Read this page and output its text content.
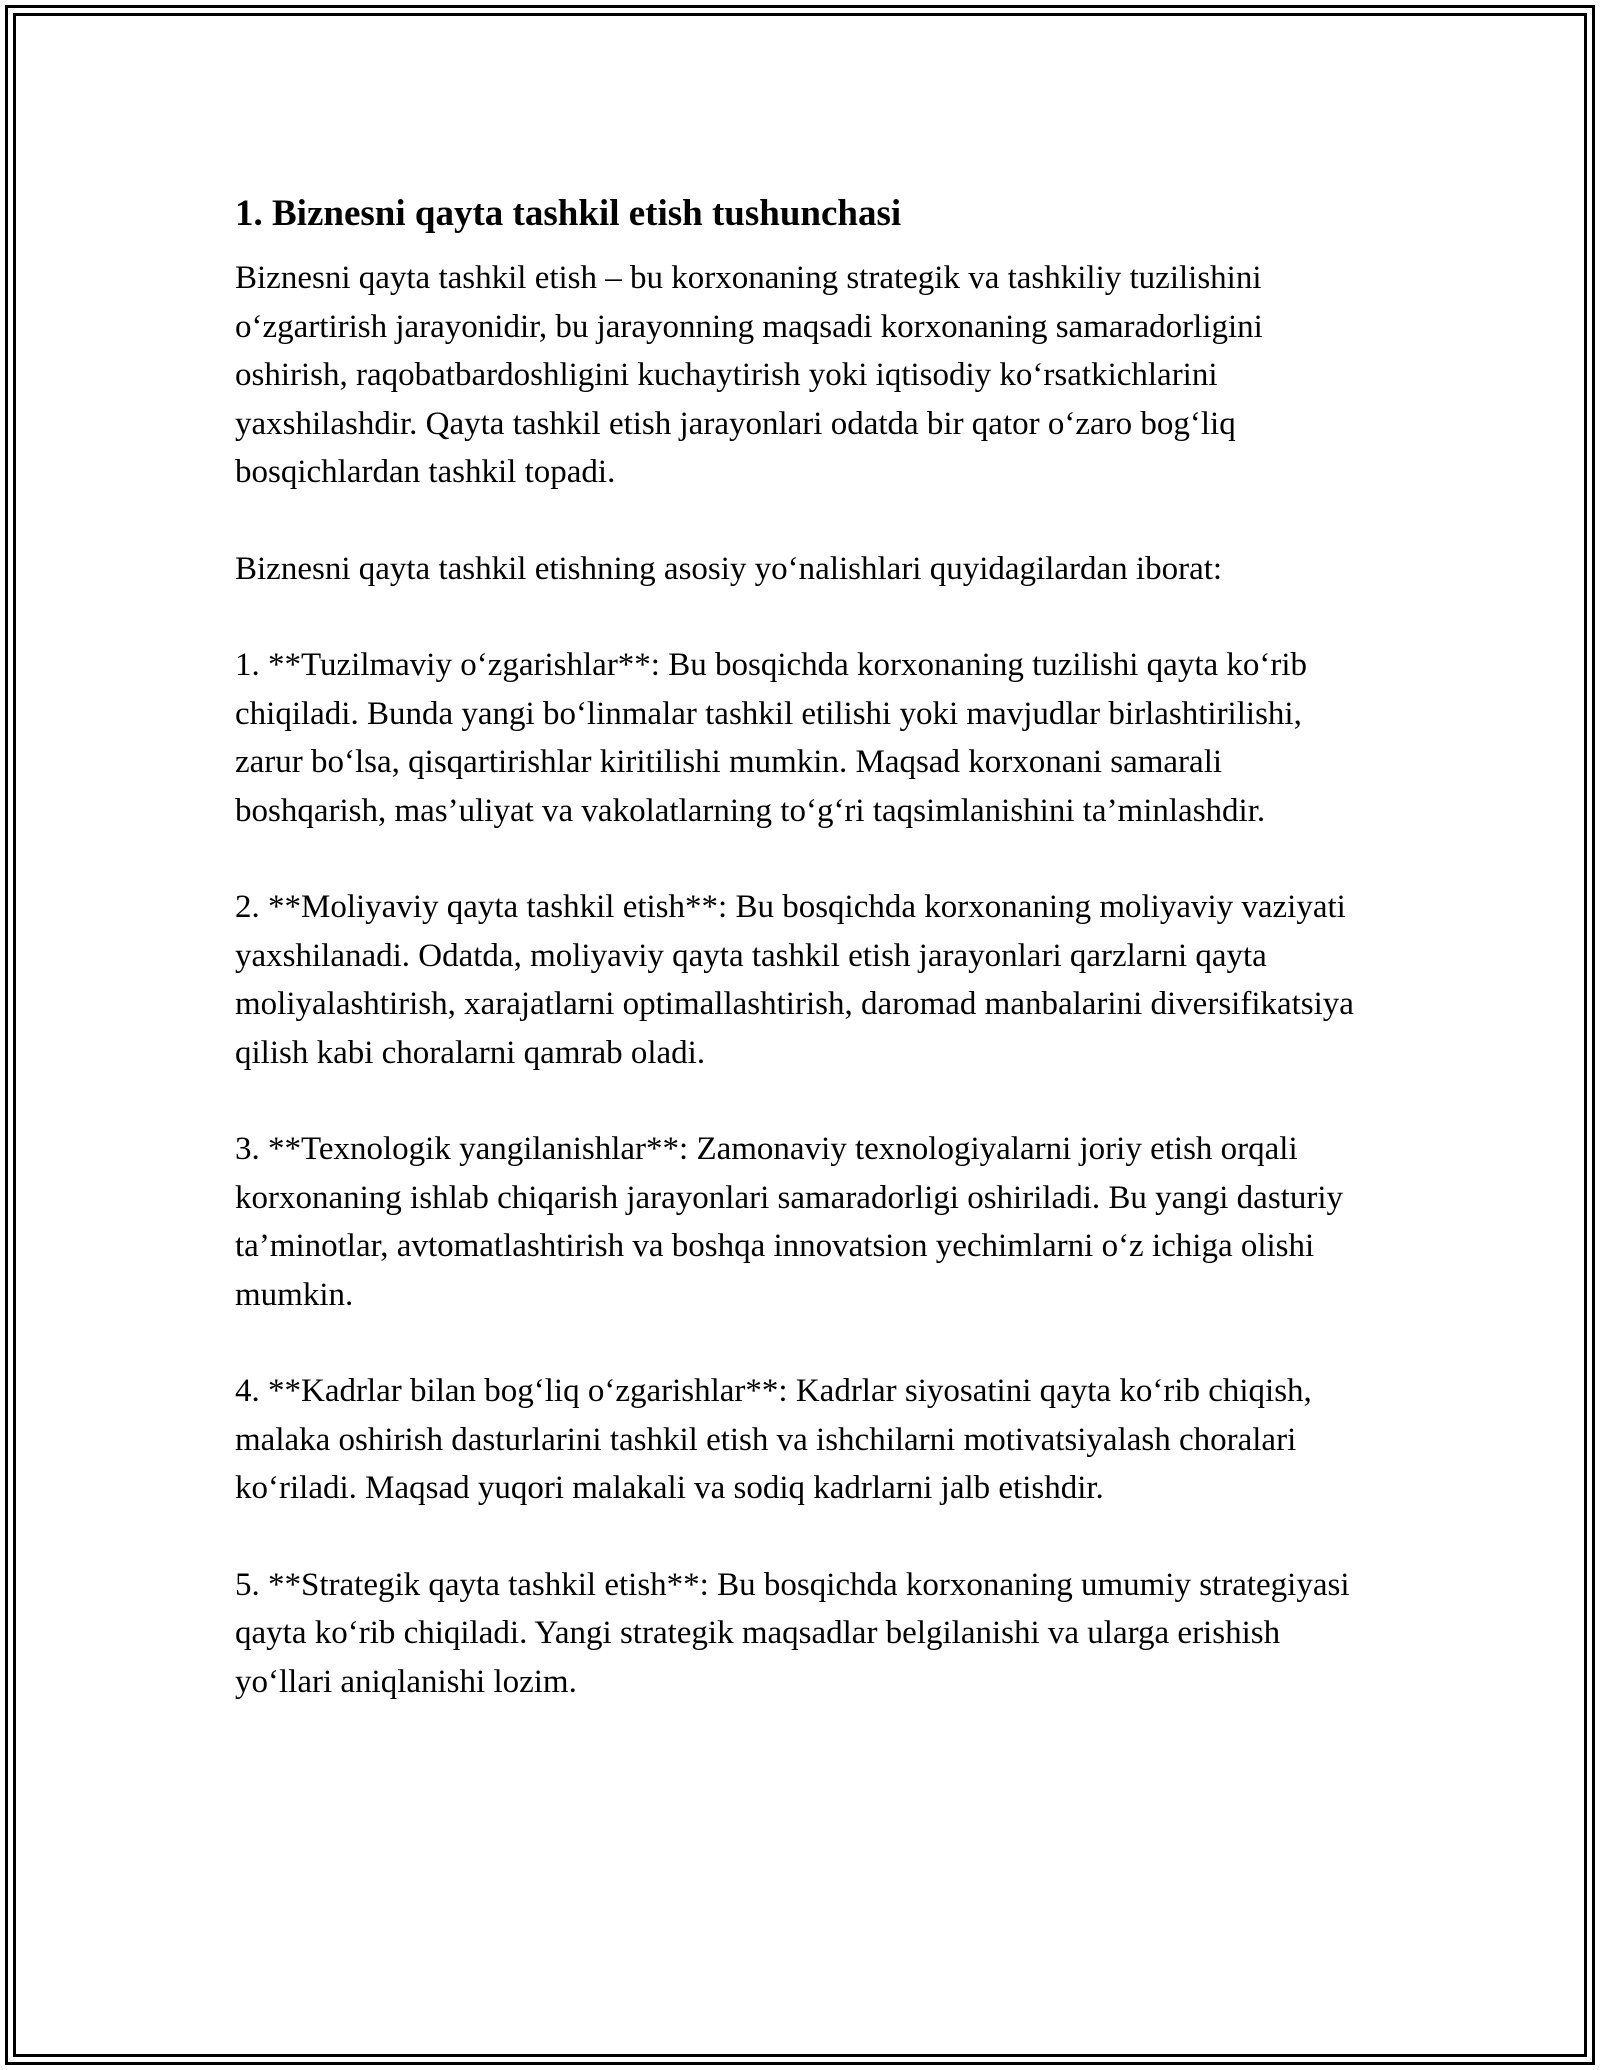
1. Biznesni qayta tashkil etish tushunchasi

Biznesni qayta tashkil etish – bu korxonaning strategik va tashkiliy tuzilishini o‘zgartirish jarayonidir, bu jarayonning maqsadi korxonaning samaradorligini oshirish, raqobatbardoshligini kuchaytirish yoki iqtisodiy ko‘rsatkichlarini yaxshilashdir. Qayta tashkil etish jarayonlari odatda bir qator o‘zaro bog‘liq bosqichlardan tashkil topadi.

Biznesni qayta tashkil etishning asosiy yo‘nalishlari quyidagilardan iborat:

1. **Tuzilmaviy o‘zgarishlar**: Bu bosqichda korxonaning tuzilishi qayta ko‘rib chiqiladi. Bunda yangi bo‘linmalar tashkil etilishi yoki mavjudlar birlashtirilishi, zarur bo‘lsa, qisqartirishlar kiritilishi mumkin. Maqsad korxonani samarali boshqarish, mas’uliyat va vakolatlarning to‘g‘ri taqsimlanishini ta’minlashdir.

2. **Moliyaviy qayta tashkil etish**: Bu bosqichda korxonaning moliyaviy vaziyati yaxshilanadi. Odatda, moliyaviy qayta tashkil etish jarayonlari qarzlarni qayta moliyalashtirish, xarajatlarni optimallashtirish, daromad manbalarini diversifikatsiya qilish kabi choralarni qamrab oladi.

3. **Texnologik yangilanishlar**: Zamonaviy texnologiyalarni joriy etish orqali korxonaning ishlab chiqarish jarayonlari samaradorligi oshiriladi. Bu yangi dasturiy ta’minotlar, avtomatlashtirish va boshqa innovatsion yechimlarni o‘z ichiga olishi mumkin.

4. **Kadrlar bilan bog‘liq o‘zgarishlar**: Kadrlar siyosatini qayta ko‘rib chiqish, malaka oshirish dasturlarini tashkil etish va ishchilarni motivatsiyalash choralari ko‘riladi. Maqsad yuqori malakali va sodiq kadrlarni jalb etishdir.

5. **Strategik qayta tashkil etish**: Bu bosqichda korxonaning umumiy strategiyasi qayta ko‘rib chiqiladi. Yangi strategik maqsadlar belgilanishi va ularga erishish yo‘llari aniqlanishi lozim.
